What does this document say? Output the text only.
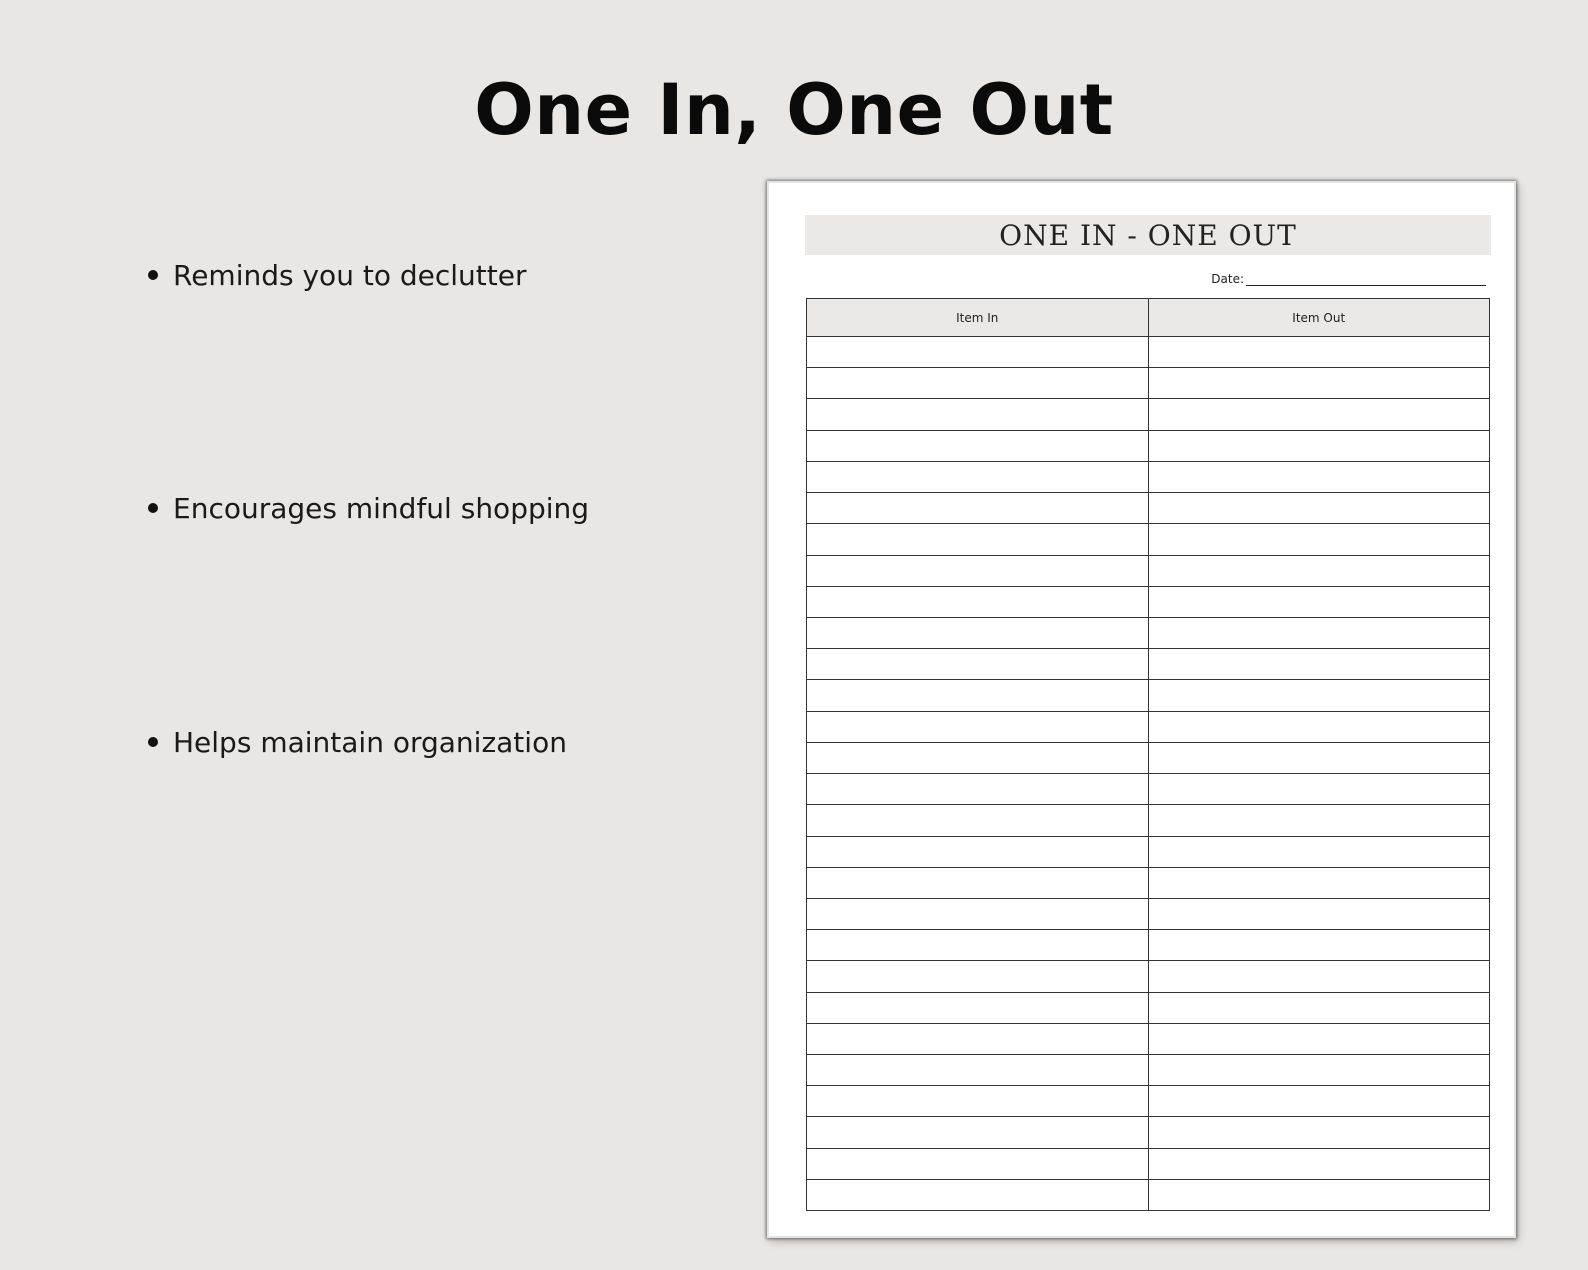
One In, One Out
Reminds you to declutter
Encourages mindful shopping
Helps maintain organization
ONE IN - ONE OUT
Date:
Item In	Item Out
